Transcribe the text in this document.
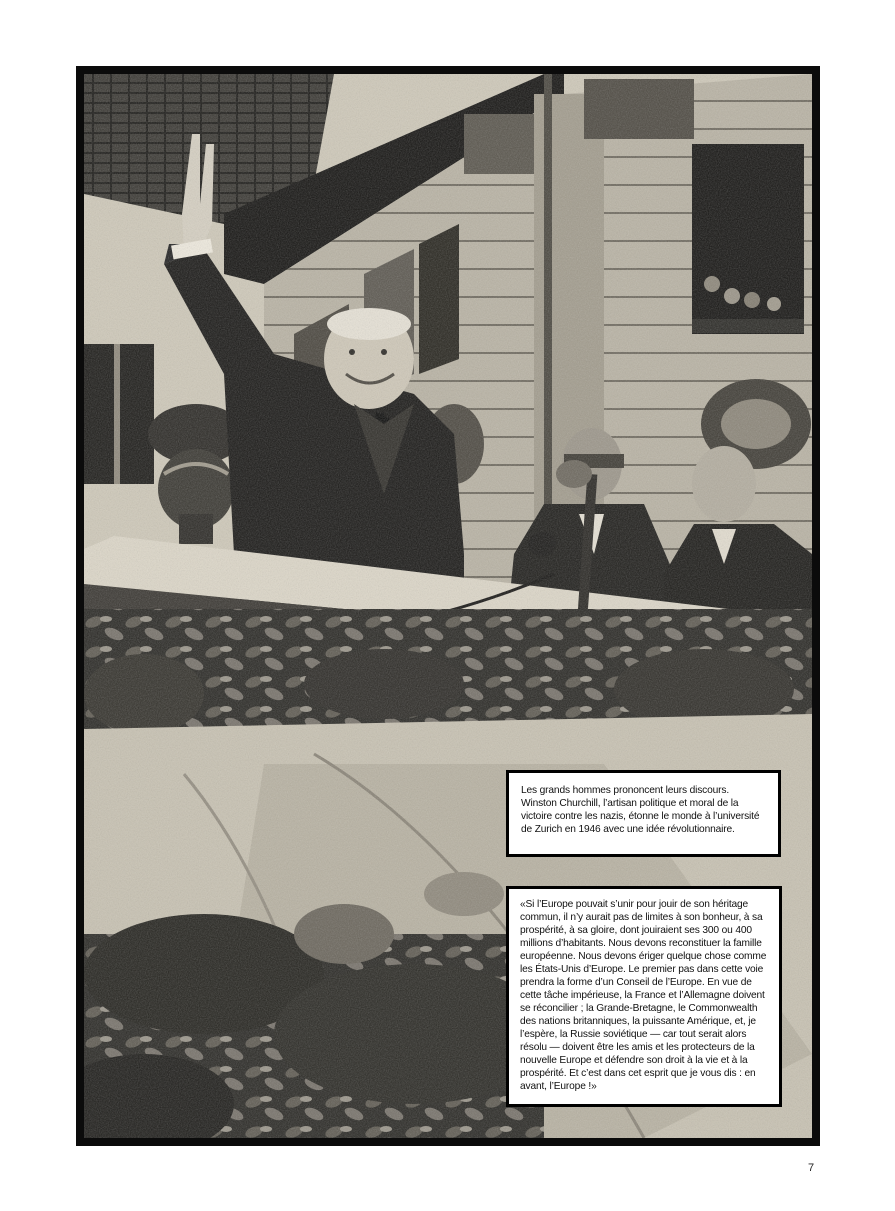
Les grands hommes prononcent leurs discours. Winston Churchill, l’artisan politique et moral de la victoire contre les nazis, étonne le monde à l’université de Zurich en 1946 avec une idée révolutionnaire.
«Si l’Europe pouvait s’unir pour jouir de son héritage commun, il n’y aurait pas de limites à son bonheur, à sa prospérité, à sa gloire, dont jouiraient ses 300 ou 400 millions d’habitants. Nous devons reconstituer la famille européenne. Nous devons ériger quelque chose comme les États-Unis d’Europe. Le premier pas dans cette voie prendra la forme d’un Conseil de l’Europe. En vue de cette tâche impérieuse, la France et l’Allemagne doivent se réconcilier ; la Grande-Bretagne, le Commonwealth des nations britanniques, la puissante Amérique, et, je l’espère, la Russie soviétique — car tout serait alors résolu — doivent être les amis et les protecteurs de la nouvelle Europe et défendre son droit à la vie et à la prospérité. Et c’est dans cet esprit que je vous dis : en avant, l’Europe !»
7
